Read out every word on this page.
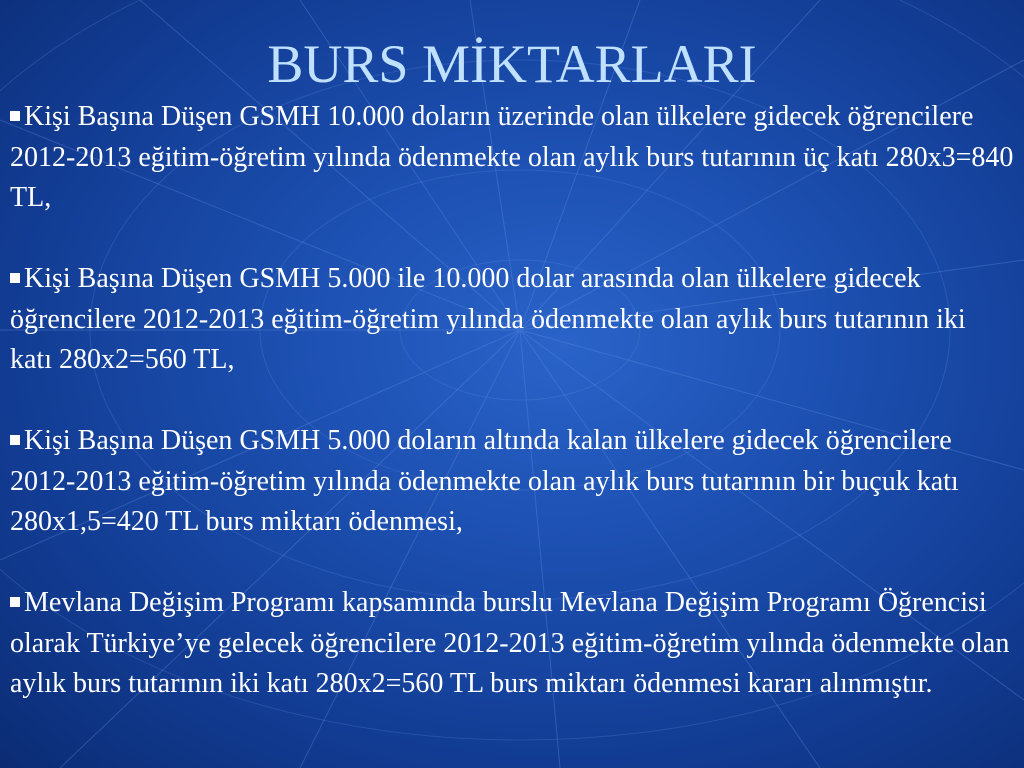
BURS MİKTARLARI
Kişi Başına Düşen GSMH 10.000 doların üzerinde olan ülkelere gidecek öğrencilere 2012-2013 eğitim-öğretim yılında ödenmekte olan aylık burs tutarının üç katı 280x3=840 TL,
Kişi Başına Düşen GSMH 5.000 ile 10.000 dolar arasında olan ülkelere gidecek öğrencilere 2012-2013 eğitim-öğretim yılında ödenmekte olan aylık burs tutarının iki katı 280x2=560 TL,
Kişi Başına Düşen GSMH 5.000 doların altında kalan ülkelere gidecek öğrencilere 2012-2013 eğitim-öğretim yılında ödenmekte olan aylık burs tutarının bir buçuk katı 280x1,5=420 TL burs miktarı ödenmesi,
Mevlana Değişim Programı kapsamında burslu Mevlana Değişim Programı Öğrencisi olarak Türkiye’ye gelecek öğrencilere 2012-2013 eğitim-öğretim yılında ödenmekte olan aylık burs tutarının iki katı 280x2=560 TL burs miktarı ödenmesi kararı alınmıştır.
